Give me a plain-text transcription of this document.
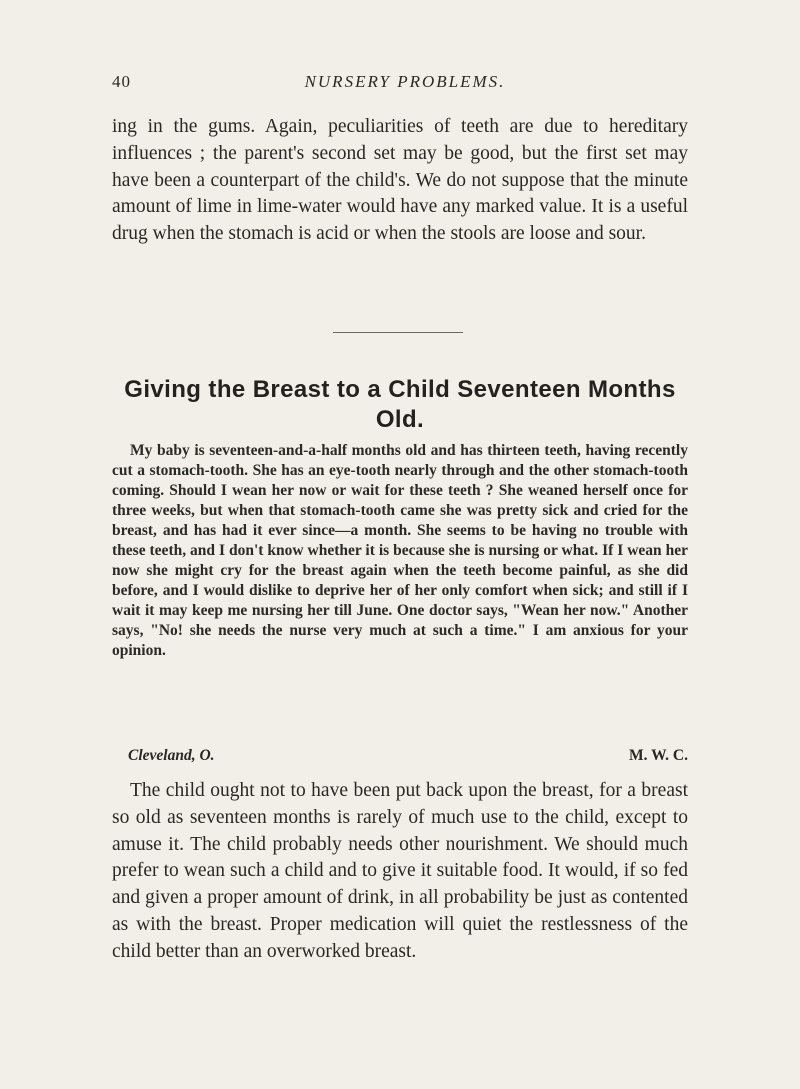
40	NURSERY PROBLEMS.

ing in the gums. Again, peculiarities of teeth are due to hereditary influences ; the parent's second set may be good, but the first set may have been a counterpart of the child's. We do not suppose that the minute amount of lime in lime-water would have any marked value. It is a useful drug when the stomach is acid or when the stools are loose and sour.

Giving the Breast to a Child Seventeen Months Old.

My baby is seventeen-and-a-half months old and has thirteen teeth, having recently cut a stomach-tooth. She has an eye-tooth nearly through and the other stomach-tooth coming. Should I wean her now or wait for these teeth ? She weaned herself once for three weeks, but when that stomach-tooth came she was pretty sick and cried for the breast, and has had it ever since—a month. She seems to be having no trouble with these teeth, and I don't know whether it is because she is nursing or what. If I wean her now she might cry for the breast again when the teeth become painful, as she did before, and I would dislike to deprive her of her only comfort when sick; and still if I wait it may keep me nursing her till June. One doctor says, "Wean her now." Another says, "No! she needs the nurse very much at such a time." I am anxious for your opinion.

Cleveland, O.	M. W. C.

The child ought not to have been put back upon the breast, for a breast so old as seventeen months is rarely of much use to the child, except to amuse it. The child probably needs other nourishment. We should much prefer to wean such a child and to give it suitable food. It would, if so fed and given a proper amount of drink, in all probability be just as contented as with the breast. Proper medication will quiet the restlessness of the child better than an overworked breast.
